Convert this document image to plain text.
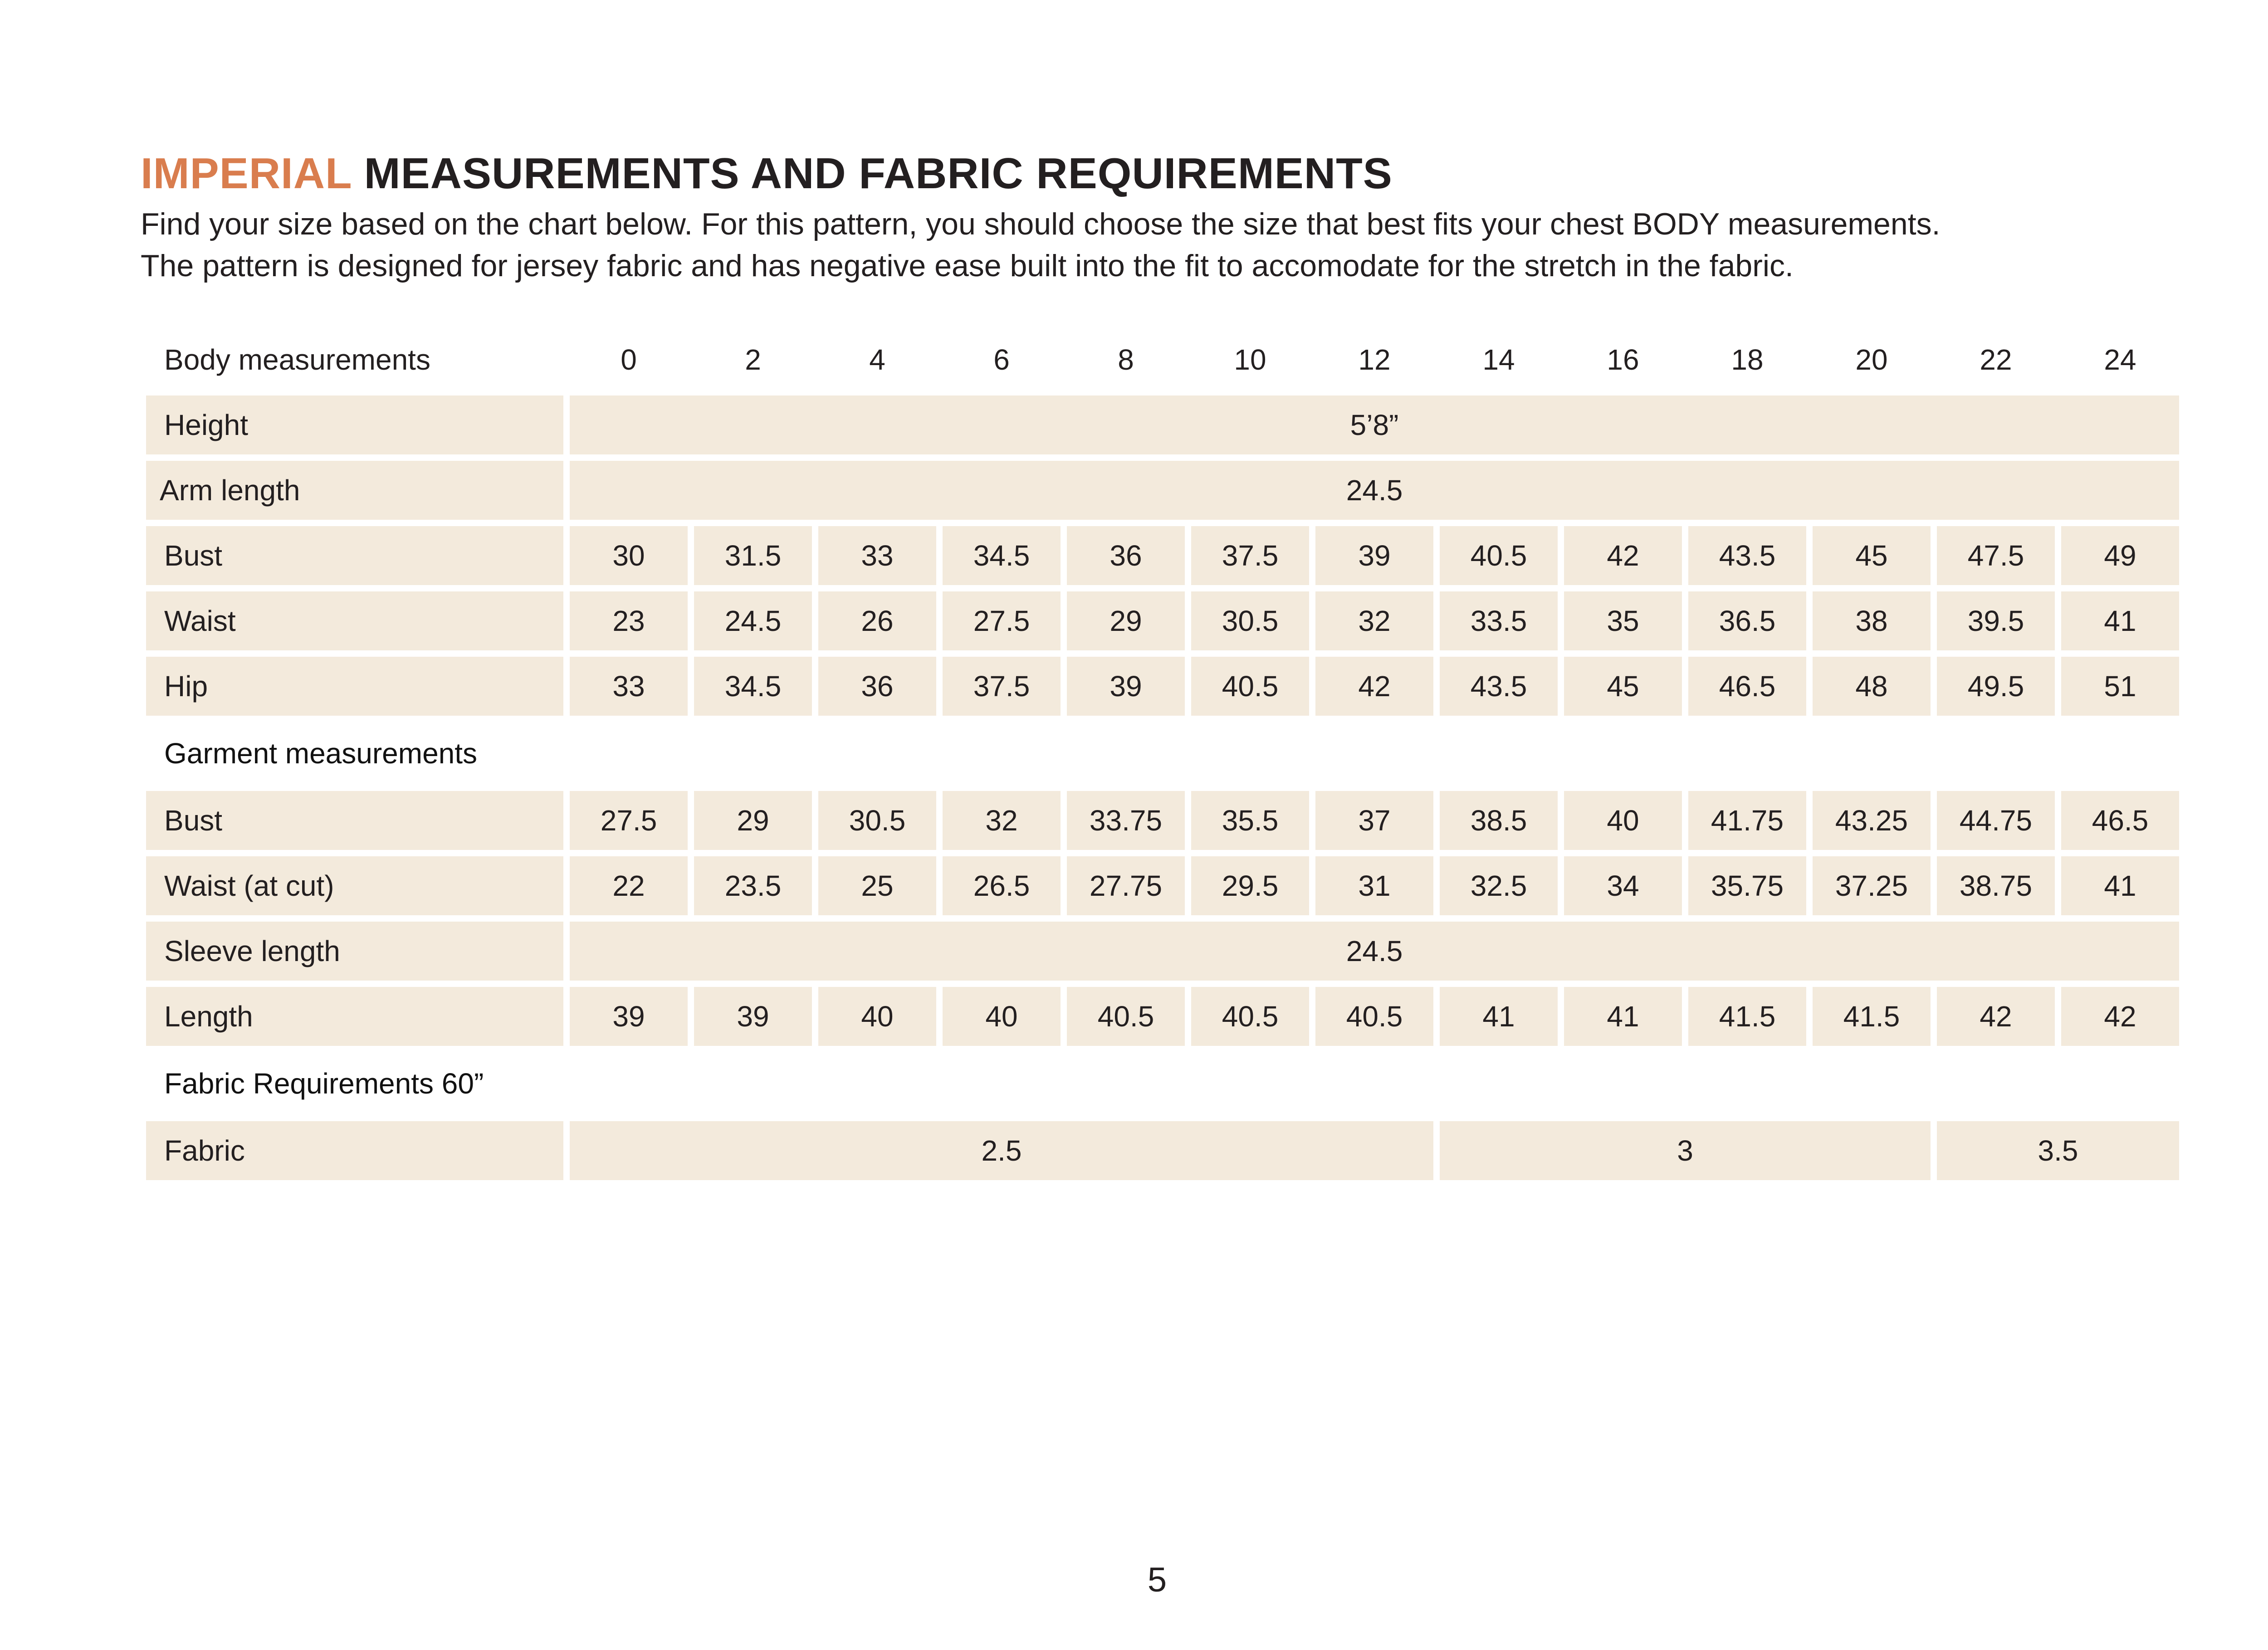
IMPERIAL MEASUREMENTS AND FABRIC REQUIREMENTS
Find your size based on the chart below. For this pattern, you should choose the size that best fits your chest BODY measurements.
The pattern is designed for jersey fabric and has negative ease built into the fit to accomodate for the stretch in the fabric.
Body measurements	0	2	4	6	8	10	12	14	16	18	20	22	24
Height	5’8”
Arm length	24.5
Bust	30	31.5	33	34.5	36	37.5	39	40.5	42	43.5	45	47.5	49
Waist	23	24.5	26	27.5	29	30.5	32	33.5	35	36.5	38	39.5	41
Hip	33	34.5	36	37.5	39	40.5	42	43.5	45	46.5	48	49.5	51
Garment measurements
Bust	27.5	29	30.5	32	33.75	35.5	37	38.5	40	41.75	43.25	44.75	46.5
Waist (at cut)	22	23.5	25	26.5	27.75	29.5	31	32.5	34	35.75	37.25	38.75	41
Sleeve length	24.5
Length	39	39	40	40	40.5	40.5	40.5	41	41	41.5	41.5	42	42
Fabric Requirements 60”
Fabric	2.5	3	3.5
5
